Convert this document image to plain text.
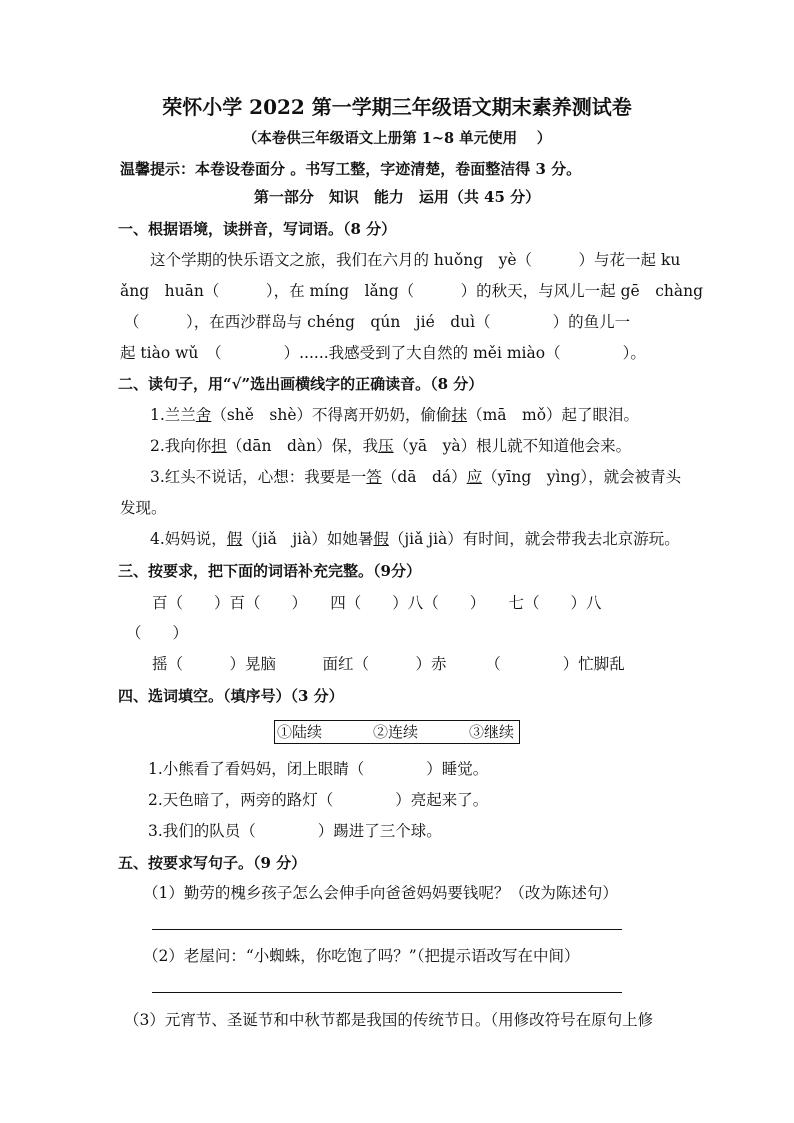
荣怀小学 2022 第一学期三年级语文期末素养测试卷
（本卷供三年级语文上册第 1~8 单元使用　 ）
温馨提示：本卷设卷面分 。书写工整，字迹清楚，卷面整洁得 3 分。
第一部分　知识　能力　运用（共 45 分）
一、根据语境，读拼音，写词语。（8 分）
这个学期的快乐语文之旅，我们在六月的 huǒng　yè（　　　）与花一起 ku
ǎng　huān（　　　），在 míng　lǎng（　　　）的秋天，与风儿一起 gē　chàng
（　　　），在西沙群岛与 chéng　qún　jié　duì（　　　　）的鱼儿一
起 tiào wǔ　（　　　　）......我感受到了大自然的 měi miào（　　　　）。
二、读句子，用“√”选出画横线字的正确读音。（8 分）
1.兰兰舍（shě　shè）不得离开奶奶，偷偷抹（mā　mǒ）起了眼泪。
2.我向你担（dān　dàn）保，我压（yā　yà）根儿就不知道他会来。
3.红头不说话，心想：我要是一答（dā　dá）应（yīng　yìng），就会被青头
发现。
4.妈妈说，假（jiǎ　jià）如她暑假（jiǎ jià）有时间，就会带我去北京游玩。
三、按要求，把下面的词语补充完整。（9分）
百（　　）百（　　）　　四（　　）八（　　）　　七（　　）八
（　　）
摇（　　　）晃脑　　　面红（　　　）赤　　　（　　　　）忙脚乱
四、选词填空。（填序号）（3 分）
①陆续	②连续	③继续
1.小熊看了看妈妈，闭上眼睛（　　　　）睡觉。
2.天色暗了，两旁的路灯（　　　　）亮起来了。
3.我们的队员（　　　　）踢进了三个球。
五、按要求写句子。（9 分）
（1）勤劳的槐乡孩子怎么会伸手向爸爸妈妈要钱呢？（改为陈述句）
（2）老屋问：“小蜘蛛，你吃饱了吗？”（把提示语改写在中间）
（3）元宵节、圣诞节和中秋节都是我国的传统节日。（用修改符号在原句上修
